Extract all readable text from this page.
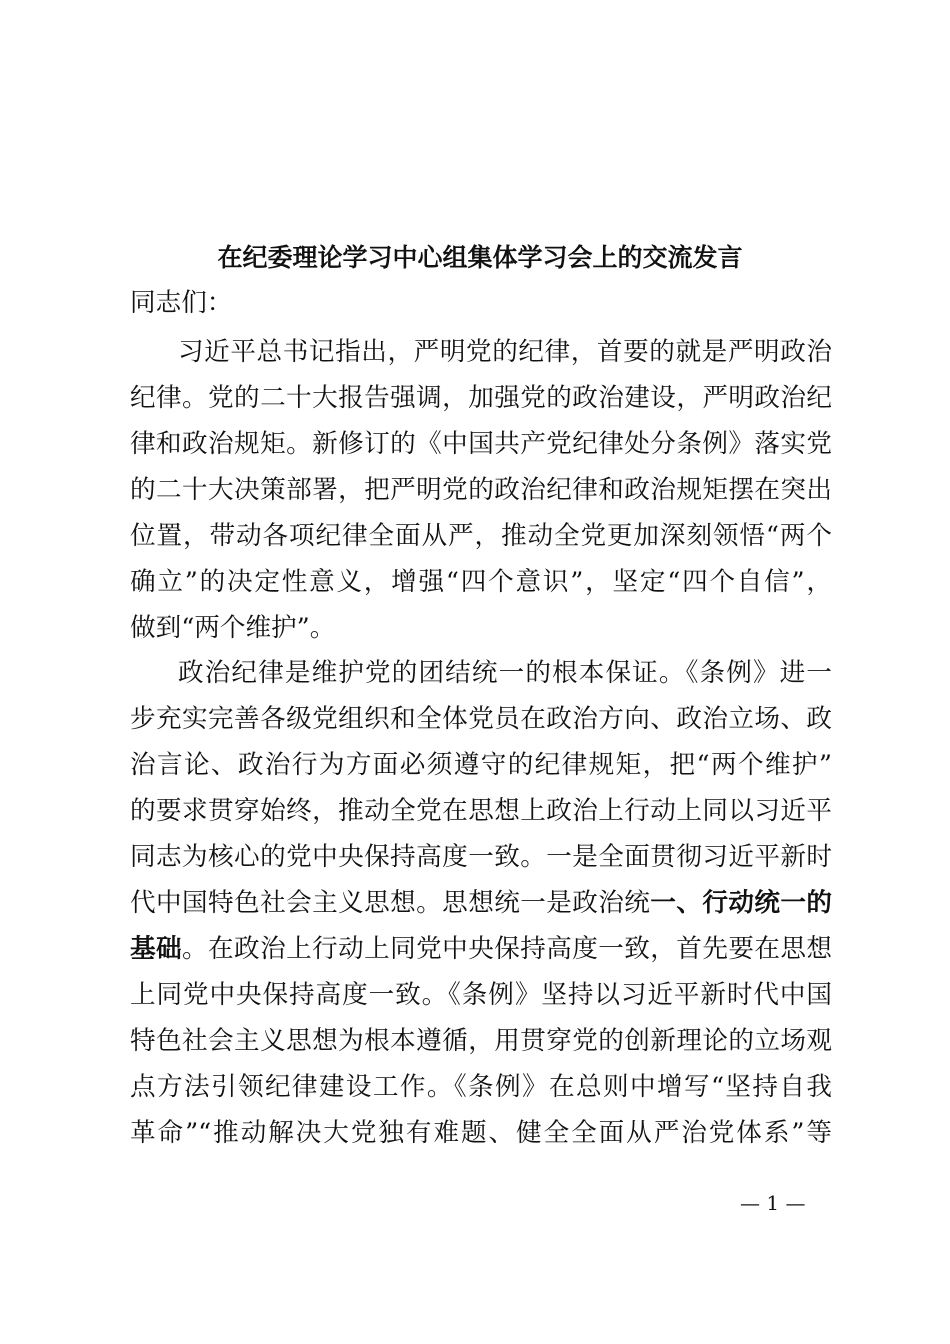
在纪委理论学习中心组集体学习会上的交流发言
同志们：
习近平总书记指出，严明党的纪律，首要的就是严明政治
纪律。党的二十大报告强调，加强党的政治建设，严明政治纪
律和政治规矩。新修订的《中国共产党纪律处分条例》落实党
的二十大决策部署，把严明党的政治纪律和政治规矩摆在突出
位置，带动各项纪律全面从严，推动全党更加深刻领悟“两个
确立”的决定性意义，增强“四个意识”，坚定“四个自信”，
做到“两个维护”。
政治纪律是维护党的团结统一的根本保证。《条例》进一
步充实完善各级党组织和全体党员在政治方向、政治立场、政
治言论、政治行为方面必须遵守的纪律规矩，把“两个维护”
的要求贯穿始终，推动全党在思想上政治上行动上同以习近平
同志为核心的党中央保持高度一致。一是全面贯彻习近平新时
代中国特色社会主义思想。思想统一是政治统一、行动统一的
基础。在政治上行动上同党中央保持高度一致，首先要在思想
上同党中央保持高度一致。《条例》坚持以习近平新时代中国
特色社会主义思想为根本遵循，用贯穿党的创新理论的立场观
点方法引领纪律建设工作。《条例》在总则中增写“坚持自我
革命”“推动解决大党独有难题、健全全面从严治党体系”等
— 1 —
